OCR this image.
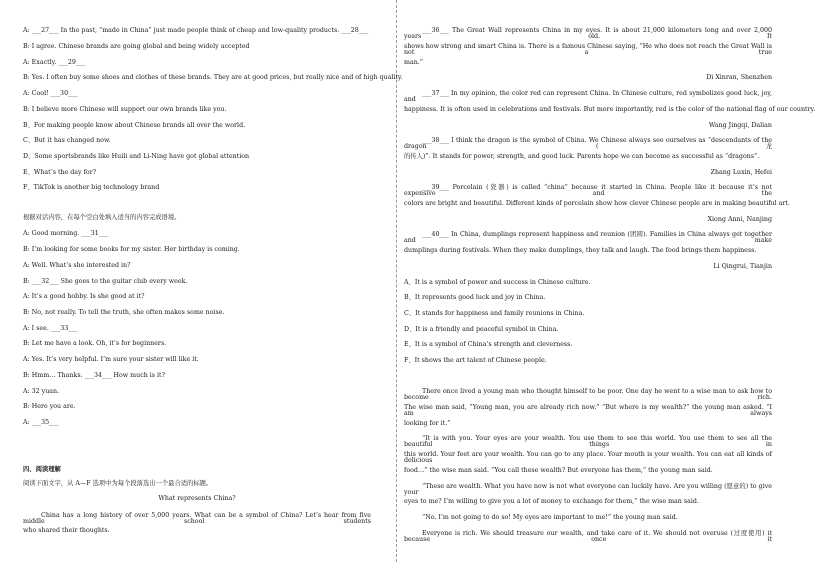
A: ___27___ In the past, “made in China” just made people think of cheap and low-quality products. ___28___
B: I agree. Chinese brands are going global and being widely accepted
A: Exactly. ___29___
B: Yes. I often buy some shoes and clothes of these brands. They are at good prices, but really nice and of high quality.
A: Cool! ___30___
B: I believe more Chinese will support our own brands like you.
B、For making people know about Chinese brands all over the world.
C、But it has changed now.
D、Some sportsbrands like Huili and Li-Ning have got global attention
E、What’s the day for?
F、TikTok is another big technology brand
根据对话内容，在每个空白处填入适当的内容完成语境。
A: Good morning. ___31___
B: I’m looking for some books for my sister. Her birthday is coming.
A: Well. What’s she interested in?
B: ___32___ She goes to the guitar club every week.
A: It’s a good hobby. Is she good at it?
B: No, not really. To tell the truth, she often makes some noise.
A: I see. ___33___
B: Let me have a look. Oh, it’s for beginners.
A: Yes. It’s very helpful. I’m sure your sister will like it.
B: Hmm… Thanks. ___34___ How much is it?
A: 32 yuan.
B: Here you are.
A: ___35___
四、阅读理解
阅读下面文字，从 A—F 选项中为每个段落选出一个最合适的标题。
What represents China?
China has a long history of over 5,000 years. What can be a symbol of China? Let’s hear from five middle school students
who shared their thoughts.
___36___ The Great Wall represents China in my eyes. It is about 21,000 kilometers long and over 2,000 years old. It
shows how strong and smart China is. There is a famous Chinese saying, “He who does not reach the Great Wall is not a true
man.”
Di Xinran, Shenzhen
___37___ In my opinion, the color red can represent China. In Chinese culture, red symbolizes good luck, joy, and
happiness. It is often used in celebrations and festivals. But more importantly, red is the color of the national flag of our country.
Wang Jingqi, Dalian
___38___ I think the dragon is the symbol of China. We Chinese always see ourselves as “descendants of the dragon (龙
的传人)”. It stands for power, strength, and good luck. Parents hope we can become as successful as “dragons”.
Zhang Luxin, Hefei
___39___ Porcelain (瓷器) is called “china” because it started in China. People like it because it’s not expensive and the
colors are bright and beautiful. Different kinds of porcelain show how clever Chinese people are in making beautiful art.
Xiong Anni, Nanjing
___40___ In China, dumplings represent happiness and reunion (团圆). Families in China always get together and make
dumplings during festivals. When they make dumplings, they talk and laugh. The food brings them happiness.
Li Qingrui, Tianjin
A、It is a symbol of power and success in Chinese culture.
B、It represents good luck and joy in China.
C、It stands for happiness and family reunions in China.
D、It is a friendly and peaceful symbol in China.
E、It is a symbol of China’s strength and cleverness.
F、It shows the art talent of Chinese people.
There once lived a young man who thought himself to be poor. One day he went to a wise man to ask how to become rich.
The wise man said, “Young man, you are already rich now.” “But where is my wealth?” the young man asked. “I am always
looking for it.”
“It is with you. Your eyes are your wealth. You use them to see this world. You use them to see all the beautiful things in
this world. Your feet are your wealth. You can go to any place. Your mouth is your wealth. You can eat all kinds of delicious
food…” the wise man said. “You call these wealth? But everyone has them,” the young man said.
“These are wealth. What you have now is not what everyone can luckily have. Are you willing (愿意的) to give your
eyes to me? I’m willing to give you a lot of money to exchange for them,” the wise man said.
“No. I’m not going to do so! My eyes are important to me!” the young man said.
Everyone is rich. We should treasure our wealth, and take care of it. We should not overuse (过度使用) it because once it
